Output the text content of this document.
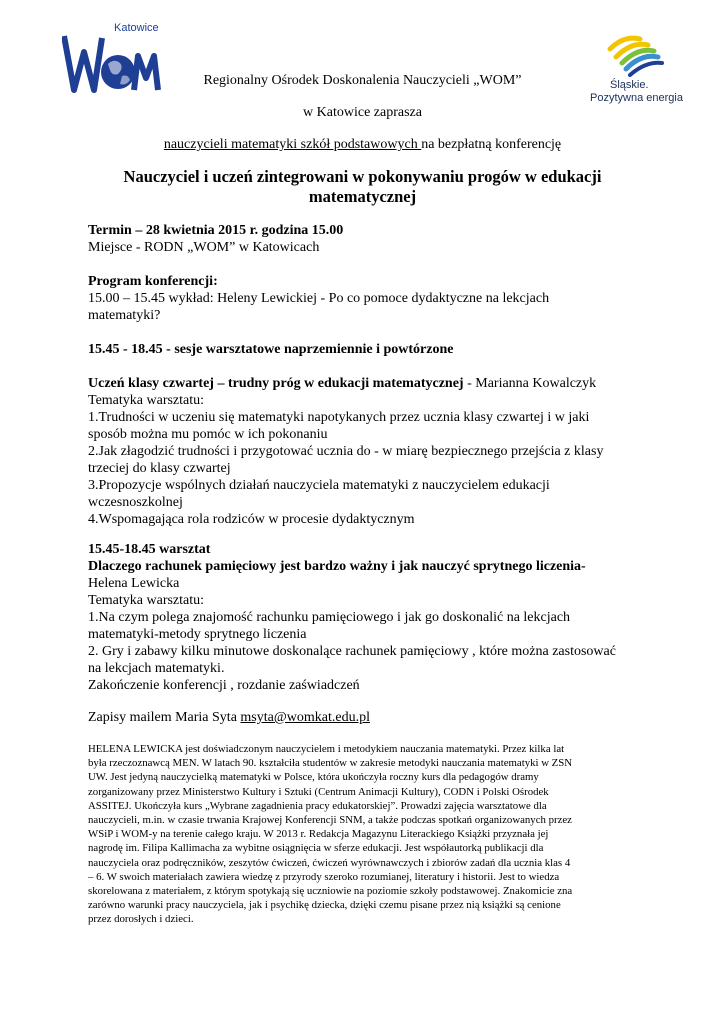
Katowice
W M
Śląskie.
Pozytywna energia
Regionalny Ośrodek Doskonalenia Nauczycieli „WOM”
w Katowice zaprasza
nauczycieli matematyki szkół podstawowych na bezpłatną konferencję
Nauczyciel i uczeń zintegrowani w pokonywaniu progów w edukacji
matematycznej
Termin – 28 kwietnia 2015 r. godzina 15.00
Miejsce - RODN „WOM” w Katowicach
Program konferencji:
15.00 – 15.45 wykład: Heleny Lewickiej - Po co pomoce dydaktyczne na lekcjach
matematyki?
15.45 - 18.45 - sesje warsztatowe naprzemiennie i powtórzone
Uczeń klasy czwartej – trudny próg w edukacji matematycznej - Marianna Kowalczyk
Tematyka warsztatu:
1.Trudności w uczeniu się matematyki napotykanych przez ucznia klasy czwartej i w jaki
sposób można mu pomóc w ich pokonaniu
2.Jak złagodzić trudności i przygotować ucznia do - w miarę bezpiecznego przejścia z klasy
trzeciej do klasy czwartej
3.Propozycje wspólnych działań nauczyciela matematyki z nauczycielem edukacji
wczesnoszkolnej
4.Wspomagająca rola rodziców w procesie dydaktycznym
15.45-18.45 warsztat
Dlaczego rachunek pamięciowy jest bardzo ważny i jak nauczyć sprytnego liczenia-
Helena Lewicka
Tematyka warsztatu:
1.Na czym polega znajomość rachunku pamięciowego i jak go doskonalić na lekcjach
matematyki-metody sprytnego liczenia
2. Gry i zabawy kilku minutowe doskonalące rachunek pamięciowy , które można zastosować
na lekcjach matematyki.
Zakończenie konferencji , rozdanie zaświadczeń
Zapisy mailem Maria Syta msyta@womkat.edu.pl
HELENA LEWICKA jest doświadczonym nauczycielem i metodykiem nauczania matematyki. Przez kilka lat
była rzeczoznawcą MEN. W latach 90. kształciła studentów w zakresie metodyki nauczania matematyki w ZSN
UW. Jest jedyną nauczycielką matematyki w Polsce, która ukończyła roczny kurs dla pedagogów dramy
zorganizowany przez Ministerstwo Kultury i Sztuki (Centrum Animacji Kultury), CODN i Polski Ośrodek
ASSITEJ. Ukończyła kurs „Wybrane zagadnienia pracy edukatorskiej”. Prowadzi zajęcia warsztatowe dla
nauczycieli, m.in. w czasie trwania Krajowej Konferencji SNM, a także podczas spotkań organizowanych przez
WSiP i WOM-y na terenie całego kraju. W 2013 r. Redakcja Magazynu Literackiego Książki przyznała jej
nagrodę im. Filipa Kallimacha za wybitne osiągnięcia w sferze edukacji. Jest współautorką publikacji dla
nauczyciela oraz podręczników, zeszytów ćwiczeń, ćwiczeń wyrównawczych i zbiorów zadań dla ucznia klas 4
– 6. W swoich materiałach zawiera wiedzę z przyrody szeroko rozumianej, literatury i historii. Jest to wiedza
skorelowana z materiałem, z którym spotykają się uczniowie na poziomie szkoły podstawowej. Znakomicie zna
zarówno warunki pracy nauczyciela, jak i psychikę dziecka, dzięki czemu pisane przez nią książki są cenione
przez dorosłych i dzieci.
